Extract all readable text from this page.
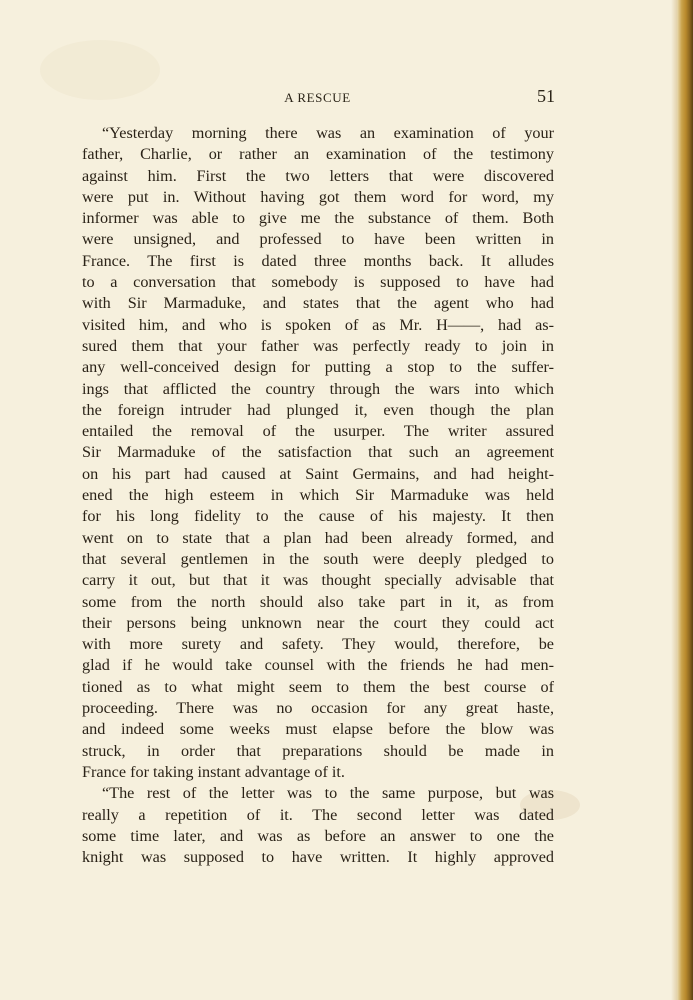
A RESCUE	51
“Yesterday morning there was an examination of your
father, Charlie, or rather an examination of the testimony
against him. First the two letters that were discovered
were put in. Without having got them word for word, my
informer was able to give me the substance of them. Both
were unsigned, and professed to have been written in
France. The first is dated three months back. It alludes
to a conversation that somebody is supposed to have had
with Sir Marmaduke, and states that the agent who had
visited him, and who is spoken of as Mr. H——, had as-
sured them that your father was perfectly ready to join in
any well-conceived design for putting a stop to the suffer-
ings that afflicted the country through the wars into which
the foreign intruder had plunged it, even though the plan
entailed the removal of the usurper. The writer assured
Sir Marmaduke of the satisfaction that such an agreement
on his part had caused at Saint Germains, and had height-
ened the high esteem in which Sir Marmaduke was held
for his long fidelity to the cause of his majesty. It then
went on to state that a plan had been already formed, and
that several gentlemen in the south were deeply pledged to
carry it out, but that it was thought specially advisable that
some from the north should also take part in it, as from
their persons being unknown near the court they could act
with more surety and safety. They would, therefore, be
glad if he would take counsel with the friends he had men-
tioned as to what might seem to them the best course of
proceeding. There was no occasion for any great haste,
and indeed some weeks must elapse before the blow was
struck, in order that preparations should be made in
France for taking instant advantage of it.
“The rest of the letter was to the same purpose, but was
really a repetition of it. The second letter was dated
some time later, and was as before an answer to one the
knight was supposed to have written. It highly approved
